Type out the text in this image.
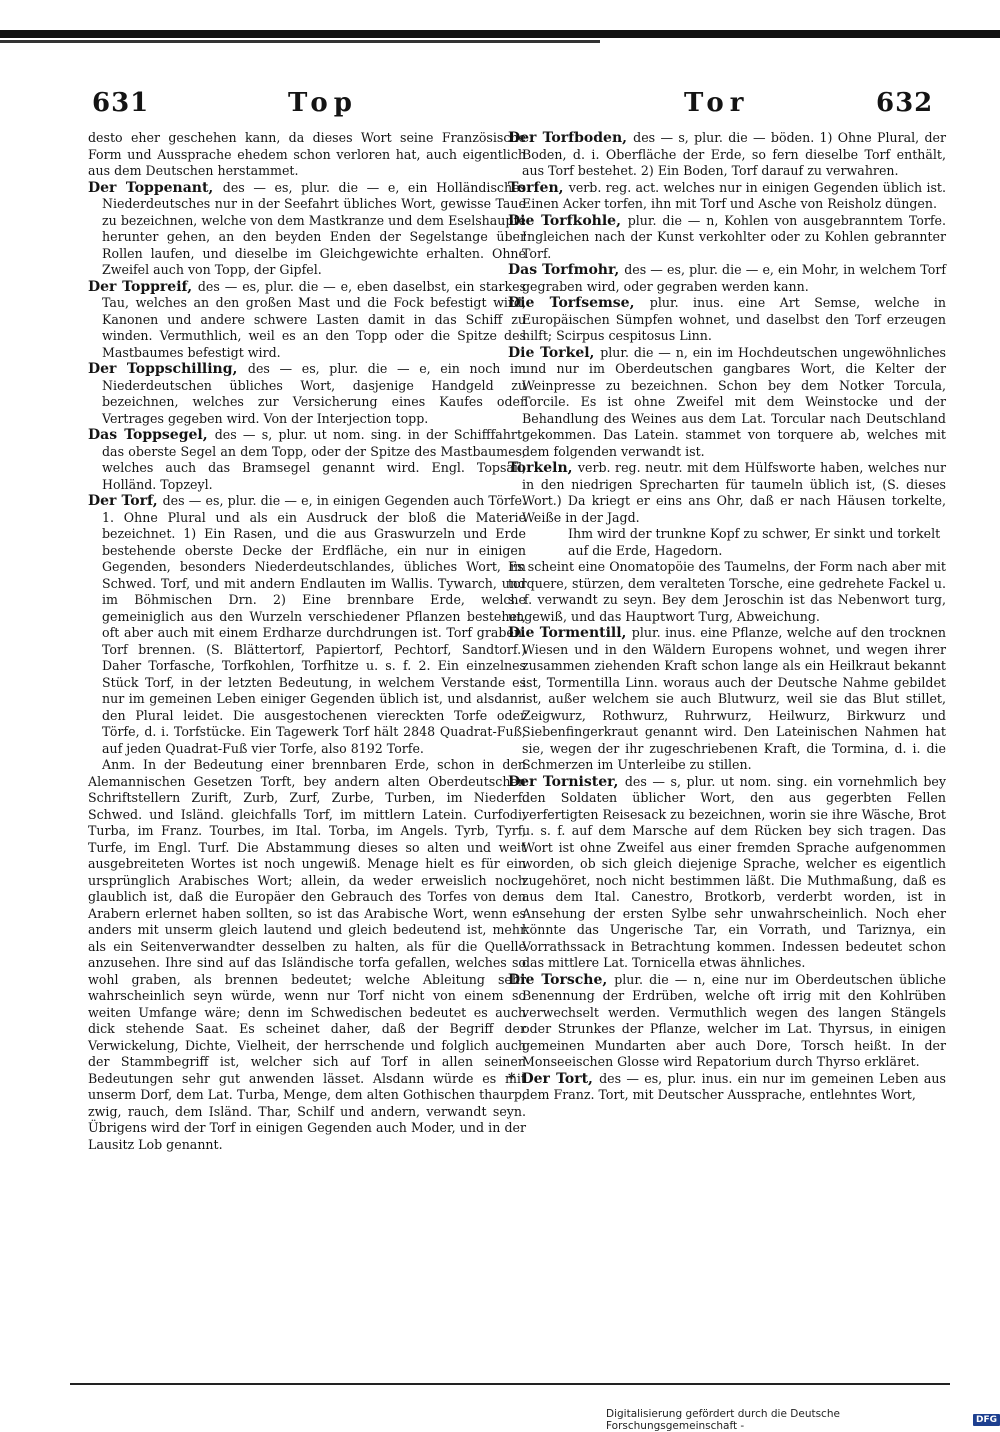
631	Top	Tor	632

desto eher geschehen kann, da dieses Wort seine Französische Form und Aussprache ehedem schon verloren hat, auch eigentlich aus dem Deutschen herstammet.

Der Toppenant, des — es, plur. die — e, ein Holländisches Niederdeutsches nur in der Seefahrt übliches Wort, gewisse Taue zu bezeichnen, welche von dem Mastkranze und dem Eselshaupte herunter gehen, an den beyden Enden der Segelstange über Rollen laufen, und dieselbe im Gleichgewichte erhalten. Ohne Zweifel auch von Topp, der Gipfel.

Der Toppreif, des — es, plur. die — e, eben daselbst, ein starkes Tau, welches an den großen Mast und die Fock befestigt wird, Kanonen und andere schwere Lasten damit in das Schiff zu winden. Vermuthlich, weil es an den Topp oder die Spitze des Mastbaumes befestigt wird.

Der Toppschilling, des — es, plur. die — e, ein noch im Niederdeutschen übliches Wort, dasjenige Handgeld zu bezeichnen, welches zur Versicherung eines Kaufes oder Vertrages gegeben wird. Von der Interjection topp.

Das Toppsegel, des — s, plur. ut nom. sing. in der Schifffahrt, das oberste Segel an dem Topp, oder der Spitze des Mastbaumes, welches auch das Bramsegel genannt wird. Engl. Topsail, Holländ. Topzeyl.

Der Torf, des — es, plur. die — e, in einigen Gegenden auch Törfe. 1. Ohne Plural und als ein Ausdruck der bloß die Materie bezeichnet. 1) Ein Rasen, und die aus Graswurzeln und Erde bestehende oberste Decke der Erdfläche, ein nur in einigen Gegenden, besonders Niederdeutschlandes, übliches Wort, im Schwed. Torf, und mit andern Endlauten im Wallis. Tywarch, und im Böhmischen Drn. 2) Eine brennbare Erde, welche gemeiniglich aus den Wurzeln verschiedener Pflanzen bestehet, oft aber auch mit einem Erdharze durchdrungen ist. Torf graben. Torf brennen. (S. Blättertorf, Papiertorf, Pechtorf, Sandtorf.) Daher Torfasche, Torfkohlen, Torfhitze u. s. f. 2. Ein einzelnes Stück Torf, in der letzten Bedeutung, in welchem Verstande es nur im gemeinen Leben einiger Gegenden üblich ist, und alsdann den Plural leidet. Die ausgestochenen viereckten Torfe oder Törfe, d. i. Torfstücke. Ein Tagewerk Torf hält 2848 Quadrat-Fuß, auf jeden Quadrat-Fuß vier Torfe, also 8192 Torfe.

Anm. In der Bedeutung einer brennbaren Erde, schon in den Alemannischen Gesetzen Torft, bey andern alten Oberdeutschen Schriftstellern Zurift, Zurb, Zurf, Zurbe, Turben, im Niederf. Schwed. und Isländ. gleichfalls Torf, im mittlern Latein. Curfodi, Turba, im Franz. Tourbes, im Ital. Torba, im Angels. Tyrb, Tyrf, Turfe, im Engl. Turf. Die Abstammung dieses so alten und weit ausgebreiteten Wortes ist noch ungewiß. Menage hielt es für ein ursprünglich Arabisches Wort; allein, da weder erweislich noch glaublich ist, daß die Europäer den Gebrauch des Torfes von den Arabern erlernet haben sollten, so ist das Arabische Wort, wenn es anders mit unserm gleich lautend und gleich bedeutend ist, mehr als ein Seitenverwandter desselben zu halten, als für die Quelle anzusehen. Ihre sind auf das Isländische torfa gefallen, welches so wohl graben, als brennen bedeutet; welche Ableitung sehr wahrscheinlich seyn würde, wenn nur Torf nicht von einem so weiten Umfange wäre; denn im Schwedischen bedeutet es auch dick stehende Saat. Es scheinet daher, daß der Begriff der Verwickelung, Dichte, Vielheit, der herrschende und folglich auch der Stammbegriff ist, welcher sich auf Torf in allen seinen Bedeutungen sehr gut anwenden lässet. Alsdann würde es mit unserm Dorf, dem Lat. Turba, Menge, dem alten Gothischen thaurp, zwig, rauch, dem Isländ. Thar, Schilf und andern, verwandt seyn. Übrigens wird der Torf in einigen Gegenden auch Moder, und in der Lausitz Lob genannt.

Der Torfboden, des — s, plur. die — böden. 1) Ohne Plural, der Boden, d. i. Oberfläche der Erde, so fern dieselbe Torf enthält, aus Torf bestehet. 2) Ein Boden, Torf darauf zu verwahren.

Torfen, verb. reg. act. welches nur in einigen Gegenden üblich ist. Einen Acker torfen, ihn mit Torf und Asche von Reisholz düngen.

Die Torfkohle, plur. die — n, Kohlen von ausgebranntem Torfe. Ingleichen nach der Kunst verkohlter oder zu Kohlen gebrannter Torf.

Das Torfmohr, des — es, plur. die — e, ein Mohr, in welchem Torf gegraben wird, oder gegraben werden kann.

Die Torfsemse, plur. inus. eine Art Semse, welche in Europäischen Sümpfen wohnet, und daselbst den Torf erzeugen hilft; Scirpus cespitosus Linn.

Die Torkel, plur. die — n, ein im Hochdeutschen ungewöhnliches und nur im Oberdeutschen gangbares Wort, die Kelter der Weinpresse zu bezeichnen. Schon bey dem Notker Torcula, Torcile. Es ist ohne Zweifel mit dem Weinstocke und der Behandlung des Weines aus dem Lat. Torcular nach Deutschland gekommen. Das Latein. stammet von torquere ab, welches mit dem folgenden verwandt ist.

Torkeln, verb. reg. neutr. mit dem Hülfsworte haben, welches nur in den niedrigen Sprecharten für taumeln üblich ist, (S. dieses Wort.) Da kriegt er eins ans Ohr, daß er nach Häusen torkelte, Weiße in der Jagd.

Ihm wird der trunkne Kopf zu schwer, Er sinkt und torkelt auf die Erde, Hagedorn.

Es scheint eine Onomatopöie des Taumelns, der Form nach aber mit torquere, stürzen, dem veralteten Torsche, eine gedrehete Fackel u. s. f. verwandt zu seyn. Bey dem Jeroschin ist das Nebenwort turg, ungewiß, und das Hauptwort Turg, Abweichung.

Die Tormentill, plur. inus. eine Pflanze, welche auf den trocknen Wiesen und in den Wäldern Europens wohnet, und wegen ihrer zusammen ziehenden Kraft schon lange als ein Heilkraut bekannt ist, Tormentilla Linn. woraus auch der Deutsche Nahme gebildet ist, außer welchem sie auch Blutwurz, weil sie das Blut stillet, Zeigwurz, Rothwurz, Ruhrwurz, Heilwurz, Birkwurz und Siebenfingerkraut genannt wird. Den Lateinischen Nahmen hat sie, wegen der ihr zugeschriebenen Kraft, die Tormina, d. i. die Schmerzen im Unterleibe zu stillen.

Der Tornister, des — s, plur. ut nom. sing. ein vornehmlich bey den Soldaten üblicher Wort, den aus gegerbten Fellen verfertigten Reisesack zu bezeichnen, worin sie ihre Wäsche, Brot u. s. f. auf dem Marsche auf dem Rücken bey sich tragen. Das Wort ist ohne Zweifel aus einer fremden Sprache aufgenommen worden, ob sich gleich diejenige Sprache, welcher es eigentlich zugehöret, noch nicht bestimmen läßt. Die Muthmaßung, daß es aus dem Ital. Canestro, Brotkorb, verderbt worden, ist in Ansehung der ersten Sylbe sehr unwahrscheinlich. Noch eher könnte das Ungerische Tar, ein Vorrath, und Tariznya, ein Vorrathssack in Betrachtung kommen. Indessen bedeutet schon das mittlere Lat. Tornicella etwas ähnliches.

Die Torsche, plur. die — n, eine nur im Oberdeutschen übliche Benennung der Erdrüben, welche oft irrig mit den Kohlrüben verwechselt werden. Vermuthlich wegen des langen Stängels oder Strunkes der Pflanze, welcher im Lat. Thyrsus, in einigen gemeinen Mundarten aber auch Dore, Torsch heißt. In der Monseeischen Glosse wird Repatorium durch Thyrso erkläret.

* Der Tort, des — es, plur. inus. ein nur im gemeinen Leben aus dem Franz. Tort, mit Deutscher Aussprache, entlehntes Wort,

Digitalisierung gefördert durch die Deutsche Forschungsgemeinschaft -	DFG
